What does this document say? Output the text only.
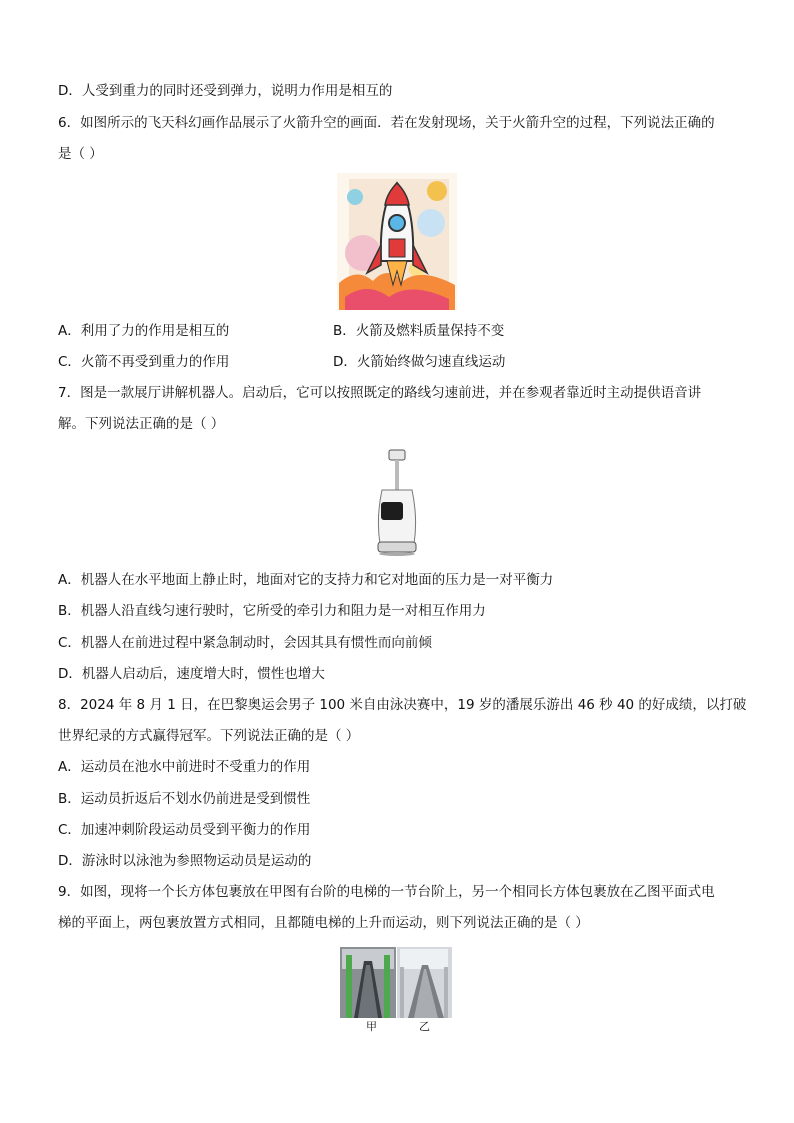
D．人受到重力的同时还受到弹力，说明力作用是相互的
6．如图所示的飞天科幻画作品展示了火箭升空的画面．若在发射现场，关于火箭升空的过程，下列说法正确的
是（ ）
A．利用了力的作用是相互的	B．火箭及燃料质量保持不变
C．火箭不再受到重力的作用	D．火箭始终做匀速直线运动
7．图是一款展厅讲解机器人。启动后，它可以按照既定的路线匀速前进，并在参观者靠近时主动提供语音讲
解。下列说法正确的是（ ）
A．机器人在水平地面上静止时，地面对它的支持力和它对地面的压力是一对平衡力
B．机器人沿直线匀速行驶时，它所受的牵引力和阻力是一对相互作用力
C．机器人在前进过程中紧急制动时，会因其具有惯性而向前倾
D．机器人启动后，速度增大时，惯性也增大
8．2024 年 8 月 1 日，在巴黎奥运会男子 100 米自由泳决赛中，19 岁的潘展乐游出 46 秒 40 的好成绩，以打破
世界纪录的方式赢得冠军。下列说法正确的是（ ）
A．运动员在池水中前进时不受重力的作用
B．运动员折返后不划水仍前进是受到惯性
C．加速冲刺阶段运动员受到平衡力的作用
D．游泳时以泳池为参照物运动员是运动的
9．如图，现将一个长方体包裹放在甲图有台阶的电梯的一节台阶上，另一个相同长方体包裹放在乙图平面式电
梯的平面上，两包裹放置方式相同，且都随电梯的上升而运动，则下列说法正确的是（ ）
甲	乙
